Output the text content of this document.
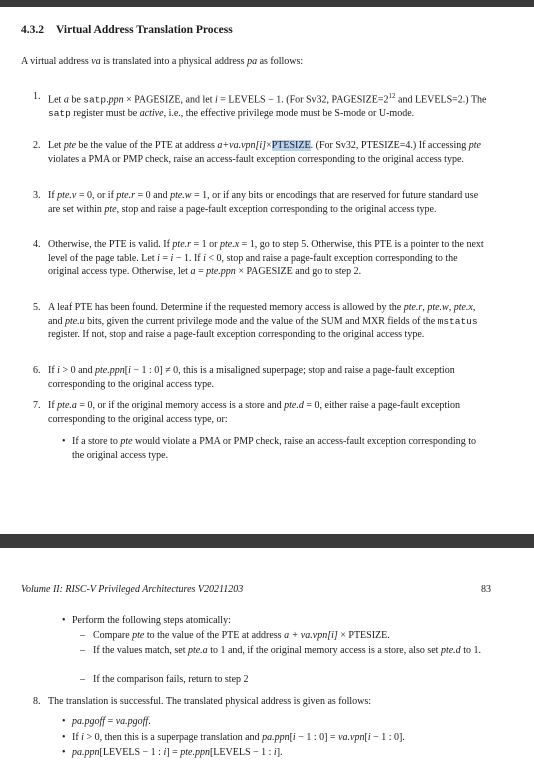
4.3.2 Virtual Address Translation Process
A virtual address va is translated into a physical address pa as follows:
1. Let a be satp.ppn × PAGESIZE, and let i = LEVELS − 1. (For Sv32, $PAGESIZE=2^{12}$ and LEVELS=2.) The satp register must be active, i.e., the effective privilege mode must be S-mode or U-mode.
2. Let pte be the value of the PTE at address a+va.vpn[i]×PTESIZE. (For Sv32, PTESIZE=4.) If accessing pte violates a PMA or PMP check, raise an access-fault exception corresponding to the original access type.
3. If pte.v = 0, or if pte.r = 0 and pte.w = 1, or if any bits or encodings that are reserved for future standard use are set within pte, stop and raise a page-fault exception corresponding to the original access type.
4. Otherwise, the PTE is valid. If pte.r = 1 or pte.x = 1, go to step 5. Otherwise, this PTE is a pointer to the next level of the page table. Let i = i − 1. If i < 0, stop and raise a page-fault exception corresponding to the original access type. Otherwise, let a = pte.ppn × PAGESIZE and go to step 2.
5. A leaf PTE has been found. Determine if the requested memory access is allowed by the pte.r, pte.w, pte.x, and pte.u bits, given the current privilege mode and the value of the SUM and MXR fields of the mstatus register. If not, stop and raise a page-fault exception corresponding to the original access type.
6. If i > 0 and pte.ppn[i − 1 : 0] ≠ 0, this is a misaligned superpage; stop and raise a page-fault exception corresponding to the original access type.
7. If pte.a = 0, or if the original memory access is a store and pte.d = 0, either raise a page-fault exception corresponding to the original access type, or:
• If a store to pte would violate a PMA or PMP check, raise an access-fault exception corresponding to the original access type.
Volume II: RISC-V Privileged Architectures V20211203	83
• Perform the following steps atomically:
– Compare pte to the value of the PTE at address a + va.vpn[i] × PTESIZE.
– If the values match, set pte.a to 1 and, if the original memory access is a store, also set pte.d to 1.
– If the comparison fails, return to step 2
8. The translation is successful. The translated physical address is given as follows:
• pa.pgoff = va.pgoff.
• If i > 0, then this is a superpage translation and pa.ppn[i − 1 : 0] = va.vpn[i − 1 : 0].
• pa.ppn[LEVELS − 1 : i] = pte.ppn[LEVELS − 1 : i].
